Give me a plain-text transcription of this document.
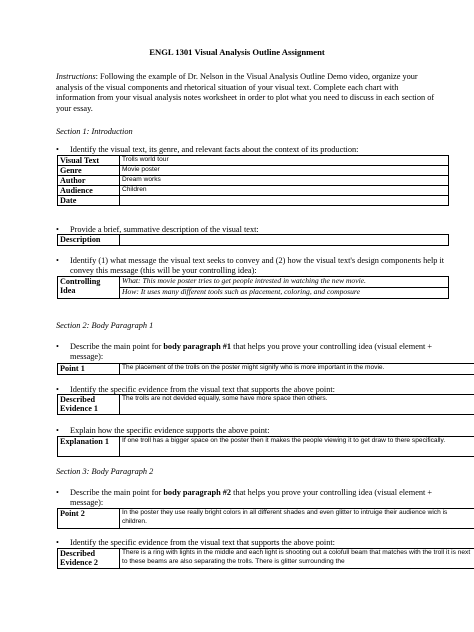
ENGL 1301 Visual Analysis Outline Assignment
Instructions: Following the example of Dr. Nelson in the Visual Analysis Outline Demo video, organize your analysis of the visual components and rhetorical situation of your visual text. Complete each chart with information from your visual analysis notes worksheet in order to plot what you need to discuss in each section of your essay.
Section 1: Introduction
•	Identify the visual text, its genre, and relevant facts about the context of its production:
Visual Text	Trolls world tour
Genre	Movie poster
Author	Dream works
Audience	Children
Date	
•	Provide a brief, summative description of the visual text:
Description	
•	Identify (1) what message the visual text seeks to convey and (2) how the visual text's design components help it convey this message (this will be your controlling idea):
Controlling Idea	What: This movie poster tries to get people intrested in watching the new movie.
How: It uses many different tools such as placement, coloring, and composure
Section 2: Body Paragraph 1
•	Describe the main point for body paragraph #1 that helps you prove your controlling idea (visual element + message):
Point 1	The placement of the trolls on the poster might signify who is more important in the movie.
•	Identify the specific evidence from the visual text that supports the above point:
Described Evidence 1	The trolls are not devided equally, some have more space then others.
•	Explain how the specific evidence supports the above point:
Explanation 1	If one troll has a bigger space on the poster then it makes the people viewing it to get draw to there specifically.
Section 3: Body Paragraph 2
•	Describe the main point for body paragraph #2 that helps you prove your controlling idea (visual element + message):
Point 2	In the poster they use really bright colors in all different shades and even glitter to intruige their audience wich is children.
•	Identify the specific evidence from the visual text that supports the above point:
Described Evidence 2	There is a ring with lights in the middle and each light is shooting out a colofull beam that matches with the troll it is next to these beams are also separating the trolls. There is glitter surrounding the
